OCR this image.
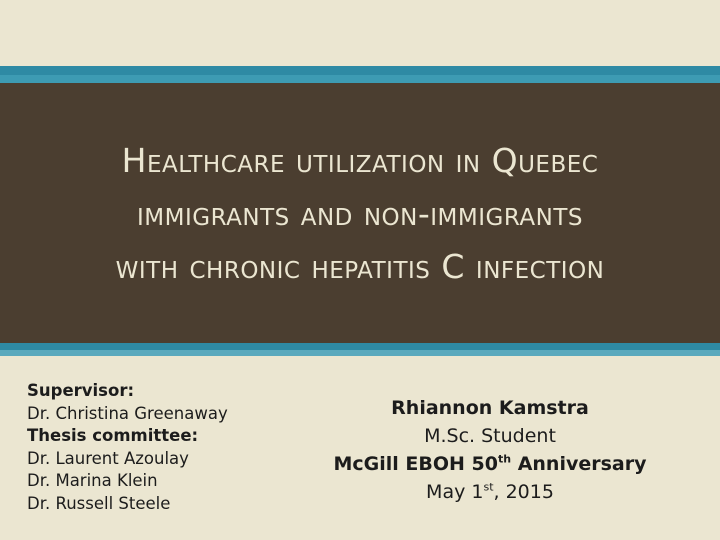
Healthcare utilization in Quebec
immigrants and non-immigrants
with chronic hepatitis C infection
Supervisor:
Dr. Christina Greenaway
Thesis committee:
Dr. Laurent Azoulay
Dr. Marina Klein
Dr. Russell Steele
Rhiannon Kamstra
M.Sc. Student
McGill EBOH 50th Anniversary
May 1st, 2015
